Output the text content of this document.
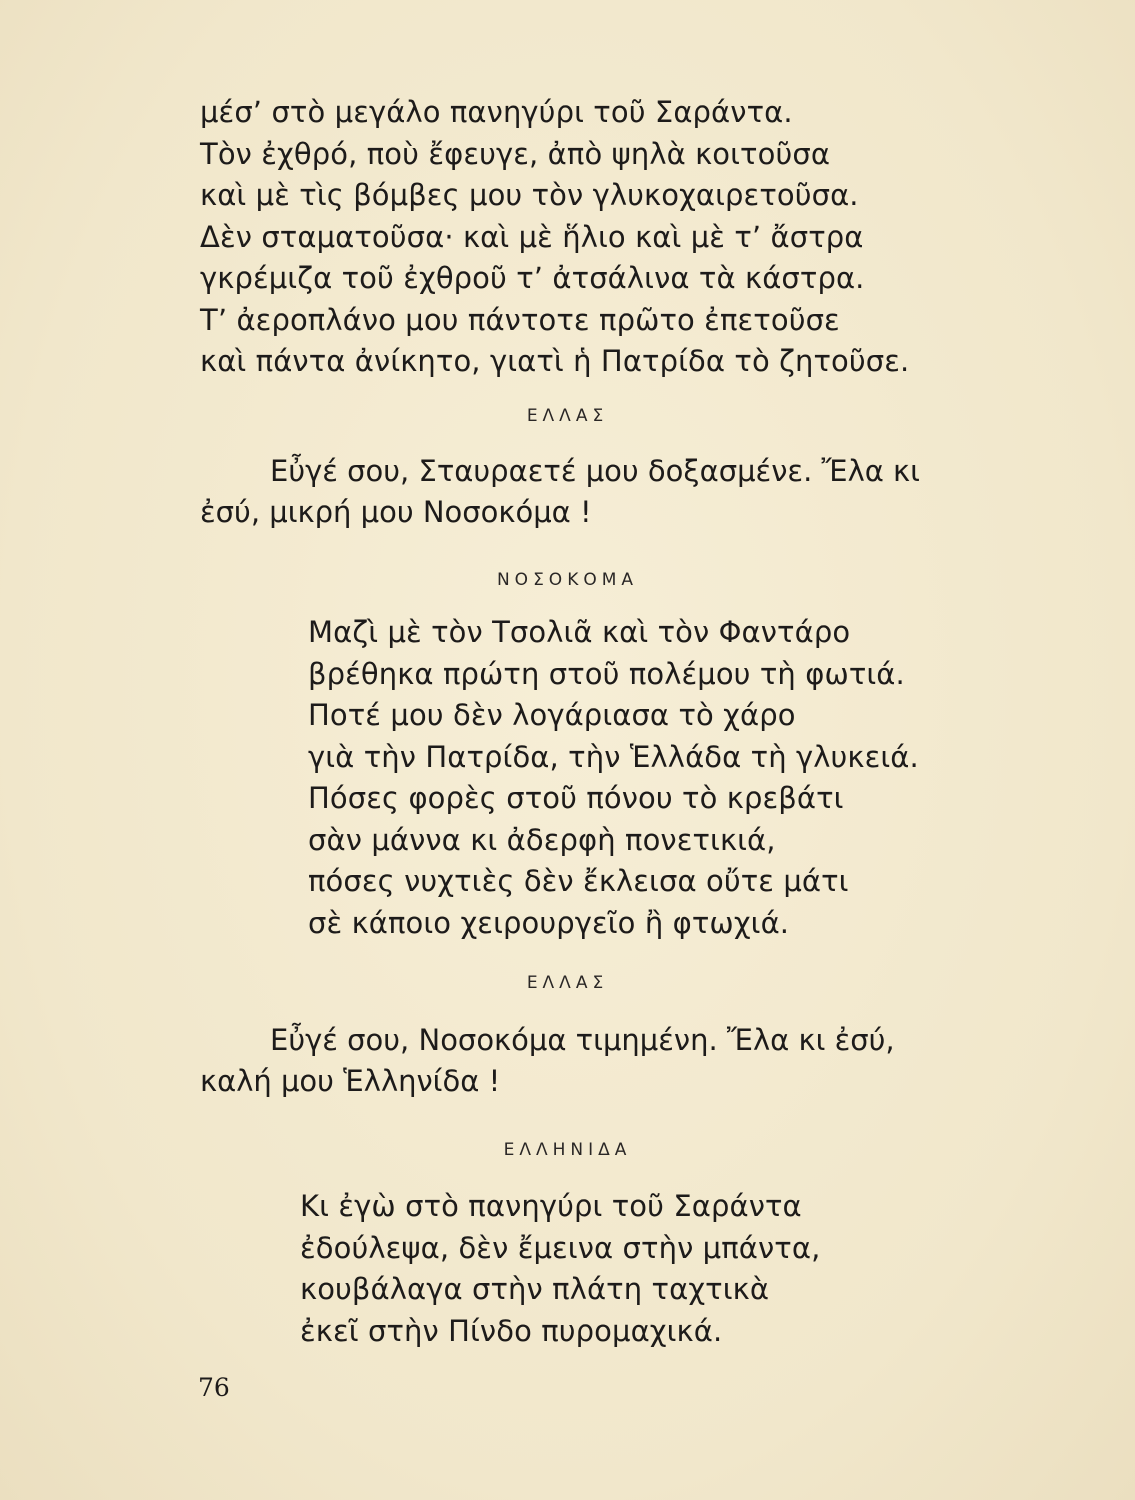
μέσ’ στὸ μεγάλο πανηγύρι τοῦ Σαράντα.
Τὸν ἐχθρό, ποὺ ἔφευγε, ἀπὸ ψηλὰ κοιτοῦσα
καὶ μὲ τὶς βόμβες μου τὸν γλυκοχαιρετοῦσα.
Δὲν σταματοῦσα· καὶ μὲ ἥλιο καὶ μὲ τ’ ἄστρα
γκρέμιζα τοῦ ἐχθροῦ τ’ ἀτσάλινα τὰ κάστρα.
Τ’ ἀεροπλάνο μου πάντοτε πρῶτο ἐπετοῦσε
καὶ πάντα ἀνίκητο, γιατὶ ἡ Πατρίδα τὸ ζητοῦσε.

ΕΛΛΑΣ

Εὖγέ σου, Σταυραετέ μου δοξασμένε. Ἔλα κι
ἐσύ, μικρή μου Νοσοκόμα !

ΝΟΣΟΚΟΜΑ

Μαζὶ μὲ τὸν Τσολιᾶ καὶ τὸν Φαντάρο
βρέθηκα πρώτη στοῦ πολέμου τὴ φωτιά.
Ποτέ μου δὲν λογάριασα τὸ χάρο
γιὰ τὴν Πατρίδα, τὴν Ἑλλάδα τὴ γλυκειά.
Πόσες φορὲς στοῦ πόνου τὸ κρεβάτι
σὰν μάννα κι ἀδερφὴ πονετικιά,
πόσες νυχτιὲς δὲν ἔκλεισα οὔτε μάτι
σὲ κάποιο χειρουργεῖο ἢ φτωχιά.

ΕΛΛΑΣ

Εὖγέ σου, Νοσοκόμα τιμημένη. Ἔλα κι ἐσύ,
καλή μου Ἑλληνίδα !

ΕΛΛΗΝΙΔΑ

Κι ἐγὼ στὸ πανηγύρι τοῦ Σαράντα
ἐδούλεψα, δὲν ἔμεινα στὴν μπάντα,
κουβάλαγα στὴν πλάτη ταχτικὰ
ἐκεῖ στὴν Πίνδο πυρομαχικά.

76
